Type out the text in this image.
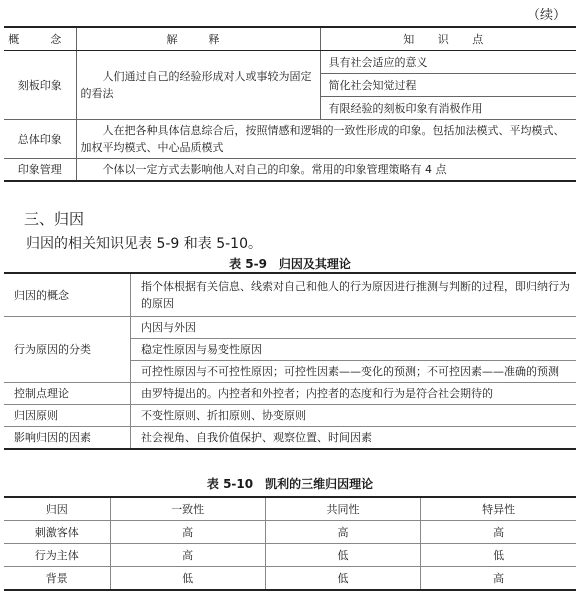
（续）
概　念	解　释	知 识 点
刻板印象	人们通过自己的经验形成对人或事较为固定的看法	具有社会适应的意义
		简化社会知觉过程
		有限经验的刻板印象有消极作用
总体印象	人在把各种具体信息综合后，按照情感和逻辑的一致性形成的印象。包括加法模式、平均模式、加权平均模式、中心品质模式	
印象管理	个体以一定方式去影响他人对自己的印象。常用的印象管理策略有 4 点	
三、归因
归因的相关知识见表 5-9 和表 5-10。
表 5-9　归因及其理论
归因的概念	指个体根据有关信息、线索对自己和他人的行为原因进行推测与判断的过程，即归纳行为的原因
行为原因的分类	内因与外因
	稳定性原因与易变性原因
	可控性原因与不可控性原因；可控性因素——变化的预测；不可控因素——准确的预测
控制点理论	由罗特提出的。内控者和外控者；内控者的态度和行为是符合社会期待的
归因原则	不变性原则、折扣原则、协变原则
影响归因的因素	社会视角、自我价值保护、观察位置、时间因素
表 5-10　凯利的三维归因理论
归因	一致性	共同性	特异性
刺激客体	高	高	高
行为主体	高	低	低
背景	低	低	高
